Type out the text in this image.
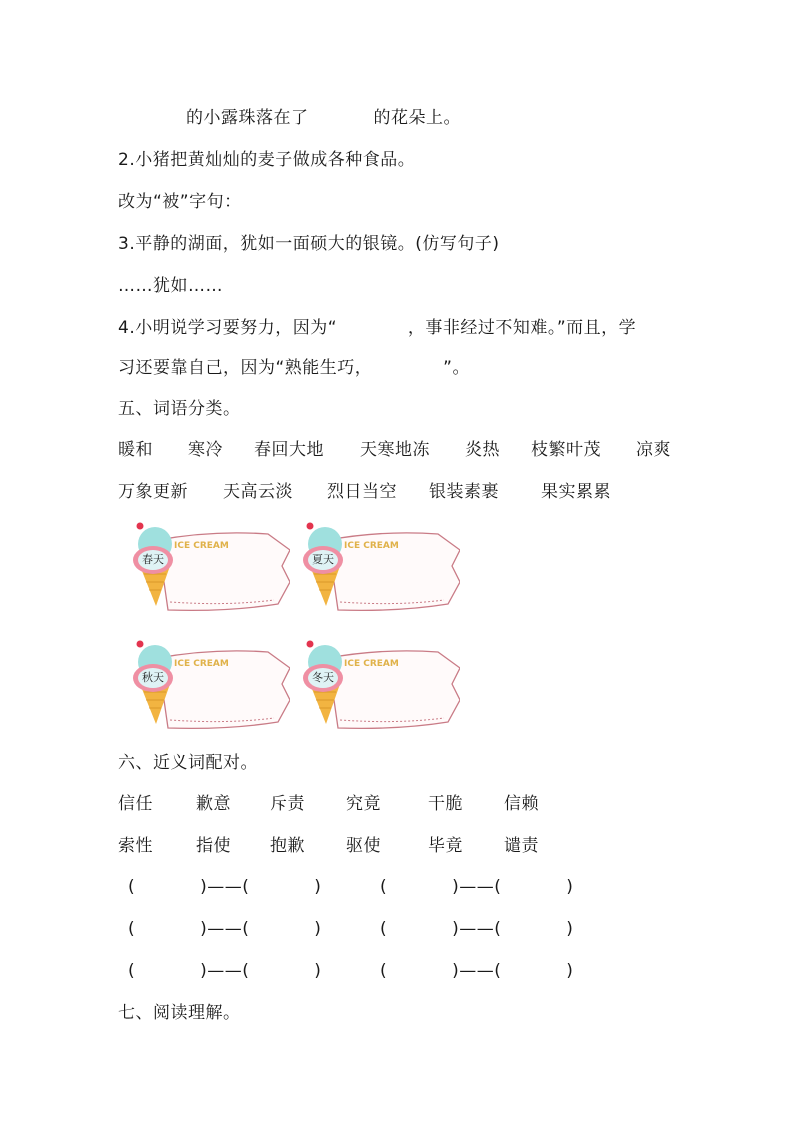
的小露珠落在了           的花朵上。
2.小猪把黄灿灿的麦子做成各种食品。
改为“被”字句：
3.平静的湖面，犹如一面硕大的银镜。(仿写句子)
……犹如……
4.小明说学习要努力，因为“            ，事非经过不知难。”而且，学
习还要靠自己，因为“熟能生巧，            ”。
五、词语分类。
暖和 寒冷 春回大地 天寒地冻 炎热 枝繁叶茂 凉爽
万象更新 天高云淡 烈日当空 银装素裹 果实累累
ICE CREAM
春天
ICE CREAM
夏天
ICE CREAM
秋天
ICE CREAM
冬天
六、近义词配对。
信任	歉意 斥责 究竟	干脆 信赖
索性	指使 抱歉 驱使	毕竟 谴责
(           )——(           )	(           )——(           )
(           )——(           )	(           )——(           )
(           )——(           )	(           )——(           )
七、阅读理解。
